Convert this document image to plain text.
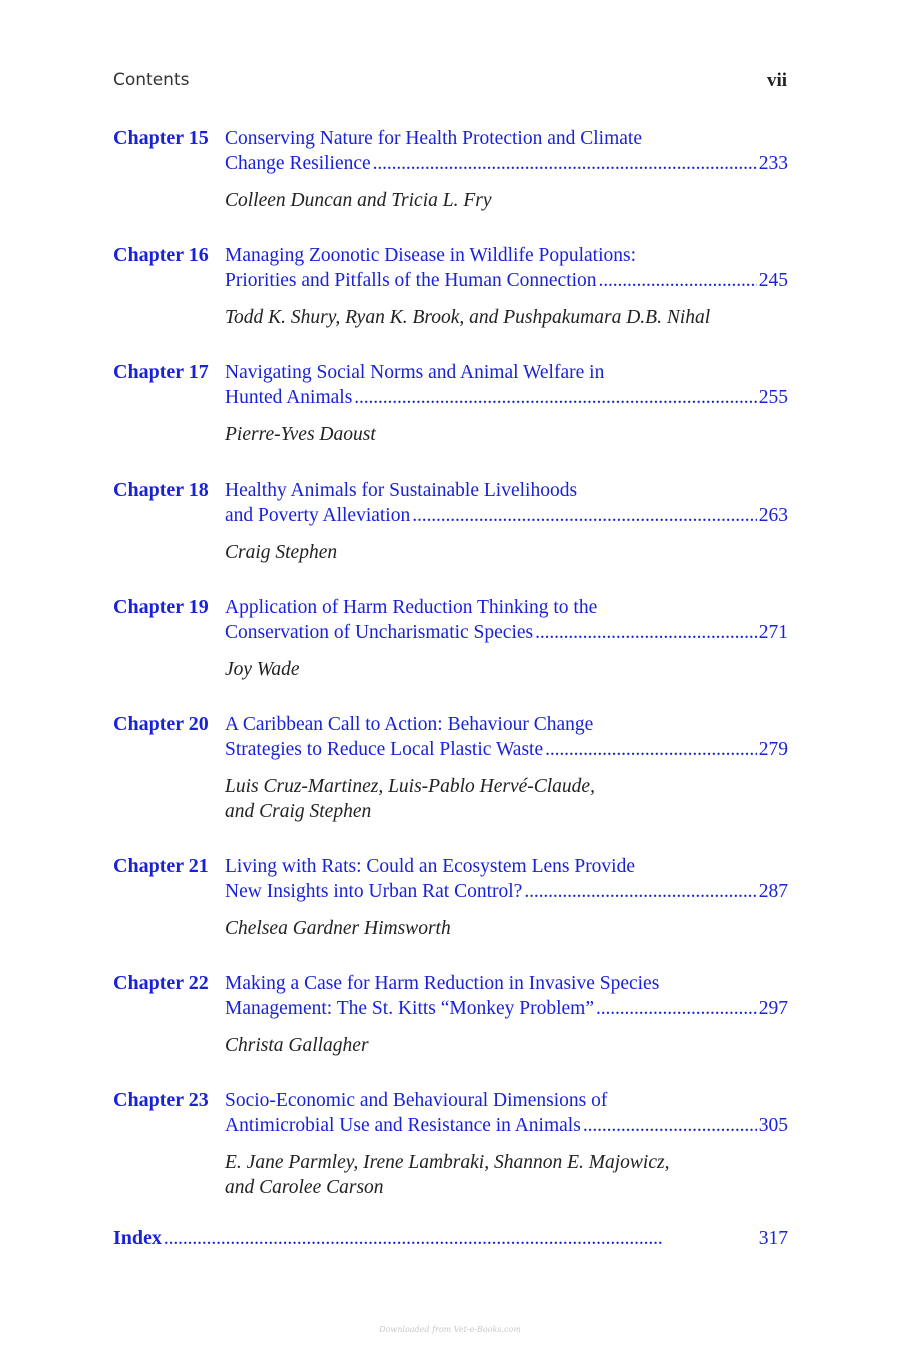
Contents	vii
Chapter 15 Conserving Nature for Health Protection and Climate
Change Resilience . . .	233
Colleen Duncan and Tricia L. Fry
Chapter 16 Managing Zoonotic Disease in Wildlife Populations:
Priorities and Pitfalls of the Human Connection . . .	245
Todd K. Shury, Ryan K. Brook, and Pushpakumara D.B. Nihal
Chapter 17 Navigating Social Norms and Animal Welfare in
Hunted Animals . . .	255
Pierre-Yves Daoust
Chapter 18 Healthy Animals for Sustainable Livelihoods
and Poverty Alleviation . . .	263
Craig Stephen
Chapter 19 Application of Harm Reduction Thinking to the
Conservation of Uncharismatic Species . . .	271
Joy Wade
Chapter 20 A Caribbean Call to Action: Behaviour Change
Strategies to Reduce Local Plastic Waste . . .	279
Luis Cruz-Martinez, Luis-Pablo Hervé-Claude,
and Craig Stephen
Chapter 21 Living with Rats: Could an Ecosystem Lens Provide
New Insights into Urban Rat Control? . . .	287
Chelsea Gardner Himsworth
Chapter 22 Making a Case for Harm Reduction in Invasive Species
Management: The St. Kitts “Monkey Problem” . . .	297
Christa Gallagher
Chapter 23 Socio-Economic and Behavioural Dimensions of
Antimicrobial Use and Resistance in Animals . . .	305
E. Jane Parmley, Irene Lambraki, Shannon E. Majowicz,
and Carolee Carson
Index . . .	317
Downloaded from Vet-e-Books.com
